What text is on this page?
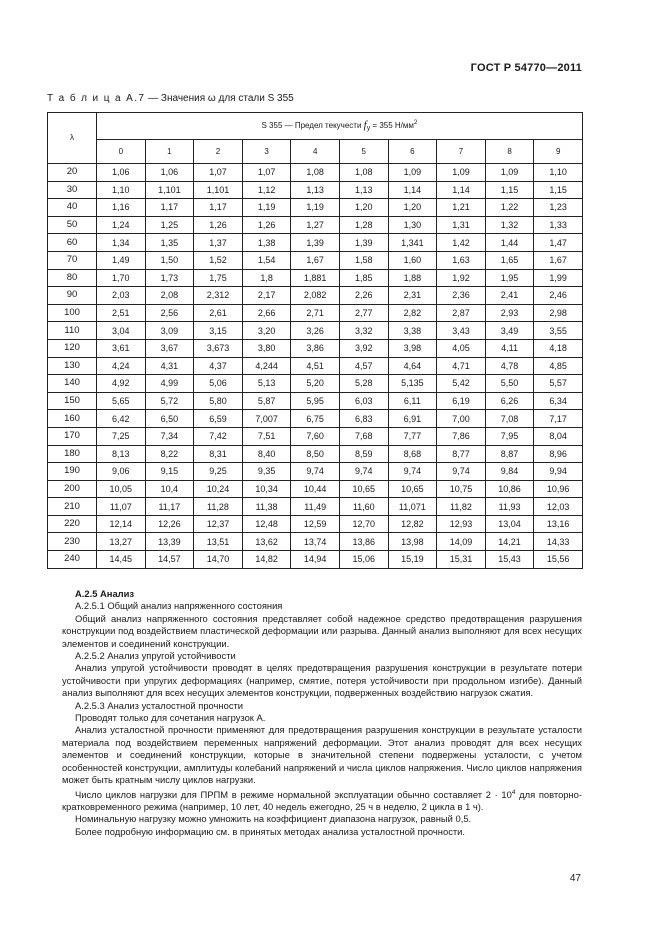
ГОСТ Р 54770—2011
Т а б л и ц а А.7 — Значения ω для стали S 355
λ	S 355 — Предел текучести fy = 355 $Н/мм^2$
	0	1	2	3	4	5	6	7	8	9
20	1,06	1,06	1,07	1,07	1,08	1,08	1,09	1,09	1,09	1,10
30	1,10	1,101	1,101	1,12	1,13	1,13	1,14	1,14	1,15	1,15
40	1,16	1,17	1,17	1,19	1,19	1,20	1,20	1,21	1,22	1,23
50	1,24	1,25	1,26	1,26	1,27	1,28	1,30	1,31	1,32	1,33
60	1,34	1,35	1,37	1,38	1,39	1,39	1,341	1,42	1,44	1,47
70	1,49	1,50	1,52	1,54	1,67	1,58	1,60	1,63	1,65	1,67
80	1,70	1,73	1,75	1,8	1,881	1,85	1,88	1,92	1,95	1,99
90	2,03	2,08	2,312	2,17	2,082	2,26	2,31	2,36	2,41	2,46
100	2,51	2,56	2,61	2,66	2,71	2,77	2,82	2,87	2,93	2,98
110	3,04	3,09	3,15	3,20	3,26	3,32	3,38	3,43	3,49	3,55
120	3,61	3,67	3,673	3,80	3,86	3,92	3,98	4,05	4,11	4,18
130	4,24	4,31	4,37	4,244	4,51	4,57	4,64	4,71	4,78	4,85
140	4,92	4,99	5,06	5,13	5,20	5,28	5,135	5,42	5,50	5,57
150	5,65	5,72	5,80	5,87	5,95	6,03	6,11	6,19	6,26	6,34
160	6,42	6,50	6,59	7,007	6,75	6,83	6,91	7,00	7,08	7,17
170	7,25	7,34	7,42	7,51	7,60	7,68	7,77	7,86	7,95	8,04
180	8,13	8,22	8,31	8,40	8,50	8,59	8,68	8,77	8,87	8,96
190	9,06	9,15	9,25	9,35	9,74	9,74	9,74	9,74	9,84	9,94
200	10,05	10,4	10,24	10,34	10,44	10,65	10,65	10,75	10,86	10,96
210	11,07	11,17	11,28	11,38	11,49	11,60	11,071	11,82	11,93	12,03
220	12,14	12,26	12,37	12,48	12,59	12,70	12,82	12,93	13,04	13,16
230	13,27	13,39	13,51	13,62	13,74	13,86	13,98	14,09	14,21	14,33
240	14,45	14,57	14,70	14,82	14,94	15,06	15,19	15,31	15,43	15,56

А.2.5 Анализ

А.2.5.1 Общий анализ напряженного состояния

Общий анализ напряженного состояния представляет собой надежное средство предотвращения разрушения конструкции под воздействием пластической деформации или разрыва. Данный анализ выполняют для всех несущих элементов и соединений конструкции.

А.2.5.2 Анализ упругой устойчивости

Анализ упругой устойчивости проводят в целях предотвращения разрушения конструкции в результате потери устойчивости при упругих деформациях (например, смятие, потеря устойчивости при продольном изгибе). Данный анализ выполняют для всех несущих элементов конструкции, подверженных воздействию нагрузок сжатия.

А.2.5.3 Анализ усталостной прочности

Проводят только для сочетания нагрузок А.

Анализ усталостной прочности применяют для предотвращения разрушения конструкции в результате усталости материала под воздействием переменных напряжений деформации. Этот анализ проводят для всех несущих элементов и соединений конструкции, которые в значительной степени подвержены усталости, с учетом особенностей конструкции, амплитуды колебаний напряжений и числа циклов напряжения. Число циклов напряжения может быть кратным числу циклов нагрузки.

Число циклов нагрузки для ПРПМ в режиме нормальной эксплуатации обычно составляет $2 \cdot 10^4$ для повторно-кратковременного режима (например, 10 лет, 40 недель ежегодно, 25 ч в неделю, 2 цикла в 1 ч).

Номинальную нагрузку можно умножить на коэффициент диапазона нагрузок, равный 0,5.

Более подробную информацию см. в принятых методах анализа усталостной прочности.

47
